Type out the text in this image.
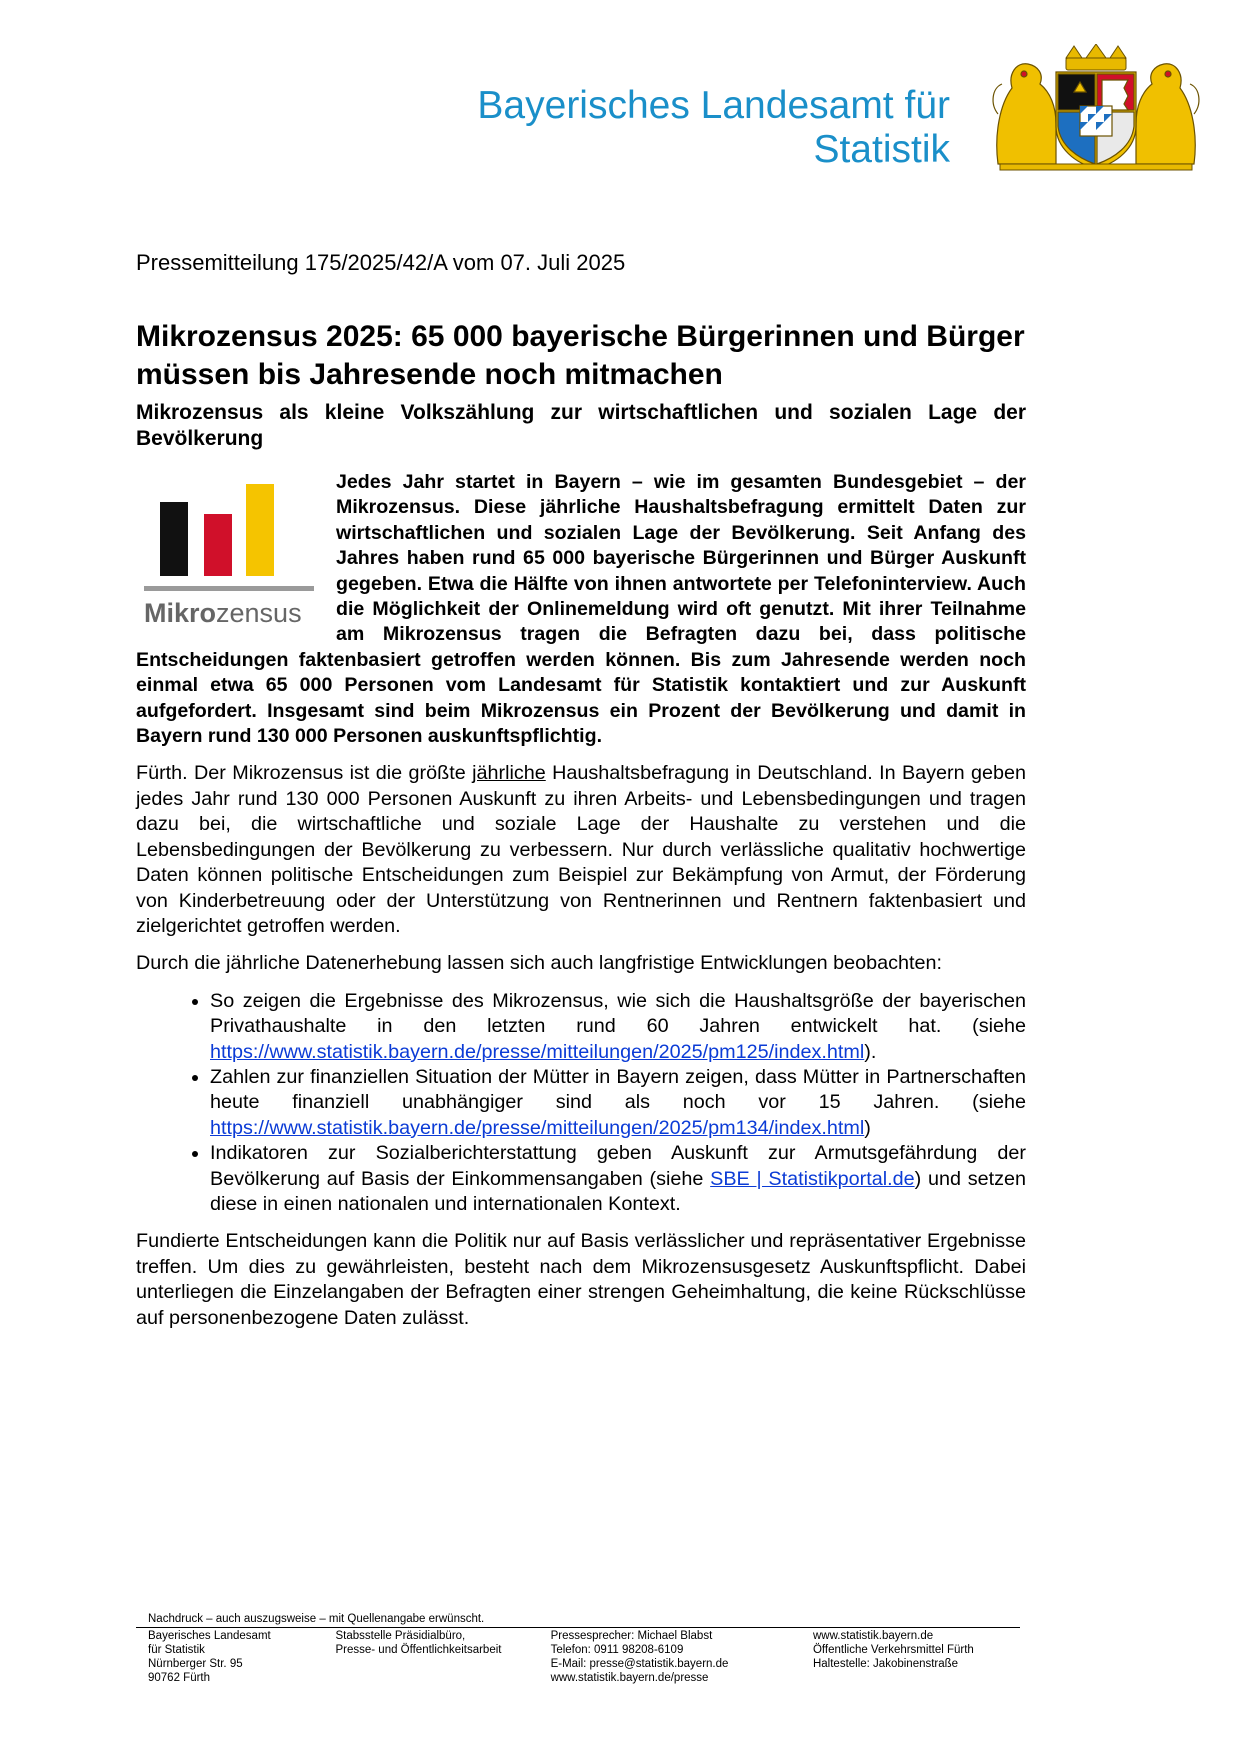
Bayerisches Landesamt für
Statistik
Pressemitteilung 175/2025/42/A vom 07. Juli 2025
Mikrozensus 2025: 65 000 bayerische Bürgerinnen und Bürger müssen bis Jahresende noch mitmachen
Mikrozensus als kleine Volkszählung zur wirtschaftlichen und sozialen Lage der Bevölkerung
Mikrozensus

Jedes Jahr startet in Bayern – wie im gesamten Bundesgebiet – der Mikrozensus. Diese jährliche Haushaltsbefragung ermittelt Daten zur wirtschaftlichen und sozialen Lage der Bevölkerung. Seit Anfang des Jahres haben rund 65 000 bayerische Bürgerinnen und Bürger Auskunft gegeben. Etwa die Hälfte von ihnen antwortete per Telefoninterview. Auch die Möglichkeit der Onlinemeldung wird oft genutzt. Mit ihrer Teilnahme am Mikrozensus tragen die Befragten dazu bei, dass politische Entscheidungen faktenbasiert getroffen werden können. Bis zum Jahresende werden noch einmal etwa 65 000 Personen vom Landesamt für Statistik kontaktiert und zur Auskunft aufgefordert. Insgesamt sind beim Mikrozensus ein Prozent der Bevölkerung und damit in Bayern rund 130 000 Personen auskunftspflichtig.

Fürth. Der Mikrozensus ist die größte jährliche Haushaltsbefragung in Deutschland. In Bayern geben jedes Jahr rund 130 000 Personen Auskunft zu ihren Arbeits- und Lebensbedingungen und tragen dazu bei, die wirtschaftliche und soziale Lage der Haushalte zu verstehen und die Lebensbedingungen der Bevölkerung zu verbessern. Nur durch verlässliche qualitativ hochwertige Daten können politische Entscheidungen zum Beispiel zur Bekämpfung von Armut, der Förderung von Kinderbetreuung oder der Unterstützung von Rentnerinnen und Rentnern faktenbasiert und zielgerichtet getroffen werden.

Durch die jährliche Datenerhebung lassen sich auch langfristige Entwicklungen beobachten:

• So zeigen die Ergebnisse des Mikrozensus, wie sich die Haushaltsgröße der bayerischen Privathaushalte in den letzten rund 60 Jahren entwickelt hat. (siehe https://www.statistik.bayern.de/presse/mitteilungen/2025/pm125/index.html).
• Zahlen zur finanziellen Situation der Mütter in Bayern zeigen, dass Mütter in Partnerschaften heute finanziell unabhängiger sind als noch vor 15 Jahren. (siehe https://www.statistik.bayern.de/presse/mitteilungen/2025/pm134/index.html)
• Indikatoren zur Sozialberichterstattung geben Auskunft zur Armutsgefährdung der Bevölkerung auf Basis der Einkommensangaben (siehe SBE | Statistikportal.de) und setzen diese in einen nationalen und internationalen Kontext.

Fundierte Entscheidungen kann die Politik nur auf Basis verlässlicher und repräsentativer Ergebnisse treffen. Um dies zu gewährleisten, besteht nach dem Mikrozensusgesetz Auskunftspflicht. Dabei unterliegen die Einzelangaben der Befragten einer strengen Geheimhaltung, die keine Rückschlüsse auf personenbezogene Daten zulässt.

Nachdruck – auch auszugsweise – mit Quellenangabe erwünscht.
Bayerisches Landesamt
für Statistik
Nürnberger Str. 95
90762 Fürth
Stabsstelle Präsidialbüro,
Presse- und Öffentlichkeitsarbeit
Pressesprecher: Michael Blabst
Telefon: 0911 98208-6109
E-Mail: presse@statistik.bayern.de
www.statistik.bayern.de/presse
www.statistik.bayern.de
Öffentliche Verkehrsmittel Fürth
Haltestelle: Jakobinenstraße
